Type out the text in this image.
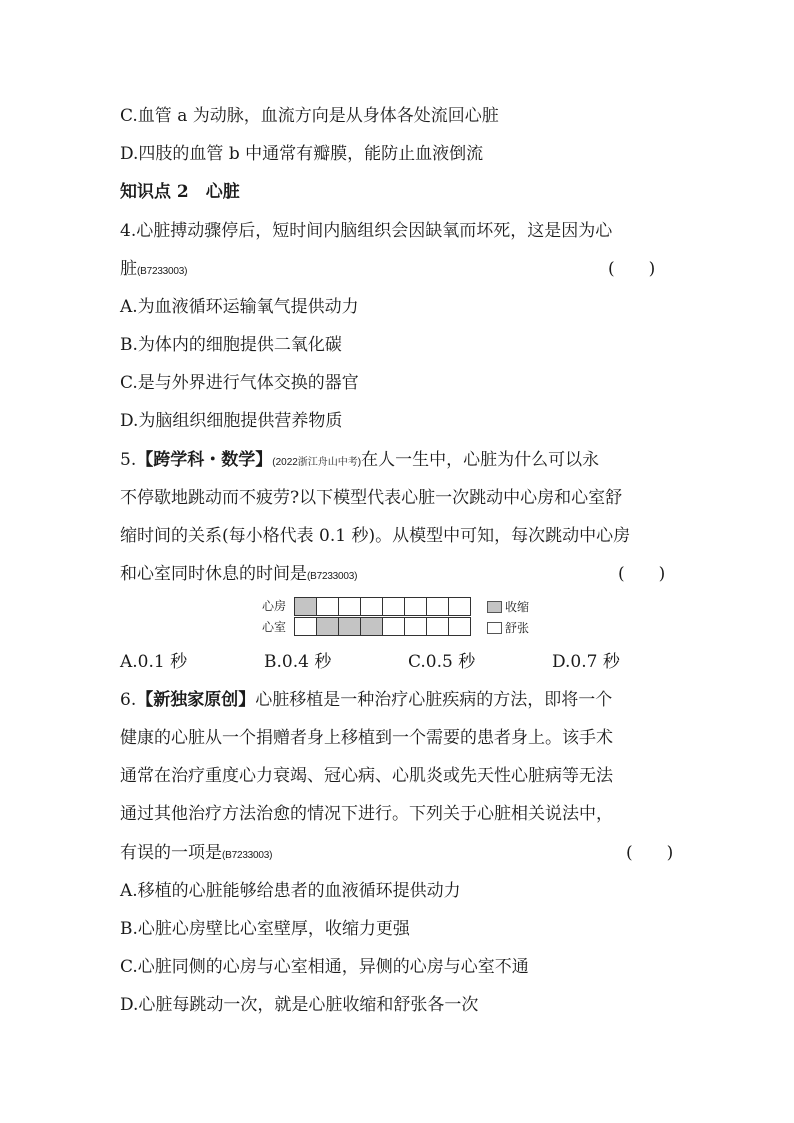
C.血管 a 为动脉，血流方向是从身体各处流回心脏
D.四肢的血管 b 中通常有瓣膜，能防止血液倒流
知识点 2　心脏
4.心脏搏动骤停后，短时间内脑组织会因缺氧而坏死，这是因为心
脏(B7233003)	(　　)
A.为血液循环运输氧气提供动力
B.为体内的细胞提供二氧化碳
C.是与外界进行气体交换的器官
D.为脑组织细胞提供营养物质
5.【跨学科・数学】(2022浙江舟山中考)在人一生中，心脏为什么可以永
不停歇地跳动而不疲劳?以下模型代表心脏一次跳动中心房和心室舒
缩时间的关系(每小格代表 0.1 秒)。从模型中可知，每次跳动中心房
和心室同时休息的时间是(B7233003)	(　　)
心房
心室
收缩
舒张
A.0.1 秒	B.0.4 秒	C.0.5 秒	D.0.7 秒
6.【新独家原创】心脏移植是一种治疗心脏疾病的方法，即将一个
健康的心脏从一个捐赠者身上移植到一个需要的患者身上。该手术
通常在治疗重度心力衰竭、冠心病、心肌炎或先天性心脏病等无法
通过其他治疗方法治愈的情况下进行。下列关于心脏相关说法中，
有误的一项是(B7233003)	(　　)
A.移植的心脏能够给患者的血液循环提供动力
B.心脏心房壁比心室壁厚，收缩力更强
C.心脏同侧的心房与心室相通，异侧的心房与心室不通
D.心脏每跳动一次，就是心脏收缩和舒张各一次
